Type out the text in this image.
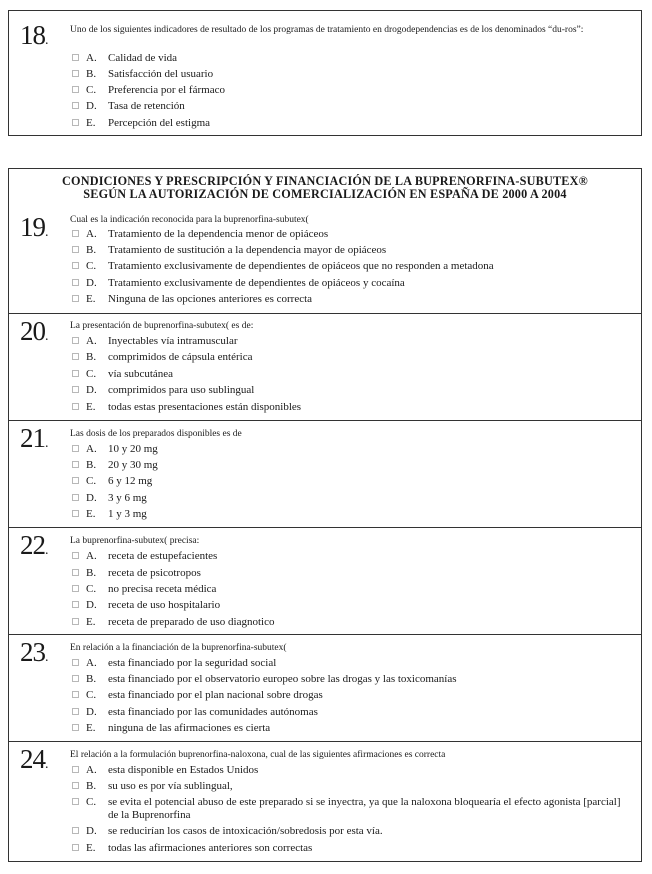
18.
Uno de los siguientes indicadores de resultado de los programas de tratamiento en drogodependencias es de los denominados “du-ros”:
A. Calidad de vida
B. Satisfacción del usuario
C. Preferencia por el fármaco
D. Tasa de retención
E. Percepción del estigma
CONDICIONES Y PRESCRIPCIÓN Y FINANCIACIÓN DE LA BUPRENORFINA-SUBUTEX®
SEGÚN LA AUTORIZACIÓN DE COMERCIALIZACIÓN EN ESPAÑA DE 2000 A 2004
19.
Cual es la indicación reconocida para la buprenorfina-subutex(
A. Tratamiento de la dependencia menor de opiáceos
B. Tratamiento de sustitución a la dependencia mayor de opiáceos
C. Tratamiento exclusivamente de dependientes de opiáceos que no responden a metadona
D. Tratamiento exclusivamente de dependientes de opiáceos y cocaína
E. Ninguna de las opciones anteriores es correcta
20.
La presentación de buprenorfina-subutex( es de:
A. Inyectables vía intramuscular
B. comprimidos de cápsula entérica
C. vía subcutánea
D. comprimidos para uso sublingual
E. todas estas presentaciones están disponibles
21.
Las dosis de los preparados disponibles es de
A. 10 y 20 mg
B. 20 y 30 mg
C. 6 y 12 mg
D. 3 y 6 mg
E. 1 y 3 mg
22.
La buprenorfina-subutex( precisa:
A. receta de estupefacientes
B. receta de psicotropos
C. no precisa receta médica
D. receta de uso hospitalario
E. receta de preparado de uso diagnotico
23.
En relación a la financiación de la buprenorfina-subutex(
A. esta financiado por la seguridad social
B. esta financiado por el observatorio europeo sobre las drogas y las toxicomanías
C. esta financiado por el plan nacional sobre drogas
D. esta financiado por las comunidades autónomas
E. ninguna de las afirmaciones es cierta
24.
El relación a la formulación buprenorfina-naloxona, cual de las siguientes afirmaciones es correcta
A. esta disponible en Estados Unidos
B. su uso es por vía sublingual,
C. se evita el potencial abuso de este preparado si se inyectra, ya que la naloxona bloquearía el efecto agonista [parcial] de la Buprenorfina
D. se reducirían los casos de intoxicación/sobredosis por esta vía.
E. todas las afirmaciones anteriores son correctas
